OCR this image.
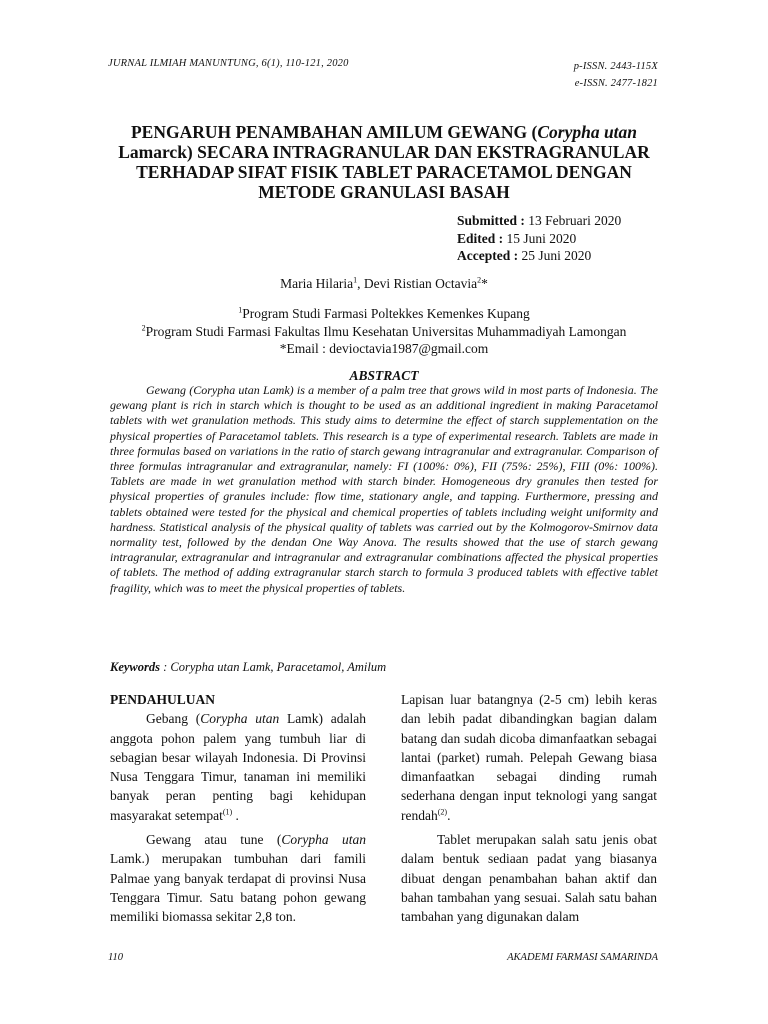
JURNAL ILMIAH MANUNTUNG, 6(1), 110-121, 2020	p-ISSN. 2443-115X
e-ISSN. 2477-1821
PENGARUH PENAMBAHAN AMILUM GEWANG (Corypha utan Lamarck) SECARA INTRAGRANULAR DAN EKSTRAGRANULAR TERHADAP SIFAT FISIK TABLET PARACETAMOL DENGAN METODE GRANULASI BASAH
Submitted : 13 Februari 2020
Edited : 15 Juni 2020
Accepted : 25 Juni 2020
Maria Hilaria$^1$, Devi Ristian Octavia$^2$*
$^1$Program Studi Farmasi Poltekkes Kemenkes Kupang
$^2$Program Studi Farmasi Fakultas Ilmu Kesehatan Universitas Muhammadiyah Lamongan
*Email : devioctavia1987@gmail.com
ABSTRACT

Gewang (Corypha utan Lamk) is a member of a palm tree that grows wild in most parts of Indonesia. The gewang plant is rich in starch which is thought to be used as an additional ingredient in making Paracetamol tablets with wet granulation methods. This study aims to determine the effect of starch supplementation on the physical properties of Paracetamol tablets. This research is a type of experimental research. Tablets are made in three formulas based on variations in the ratio of starch gewang intragranular and extragranular. Comparison of three formulas intragranular and extragranular, namely: FI (100%: 0%), FII (75%: 25%), FIII (0%: 100%). Tablets are made in wet granulation method with starch binder. Homogeneous dry granules then tested for physical properties of granules include: flow time, stationary angle, and tapping. Furthermore, pressing and tablets obtained were tested for the physical and chemical properties of tablets including weight uniformity and hardness. Statistical analysis of the physical quality of tablets was carried out by the Kolmogorov-Smirnov data normality test, followed by the dendan One Way Anova. The results showed that the use of starch gewang intragranular, extragranular and intragranular and extragranular combinations affected the physical properties of tablets. The method of adding extragranular starch starch to formula 3 produced tablets with effective tablet fragility, which was to meet the physical properties of tablets.

Keywords : Corypha utan Lamk, Paracetamol, Amilum

PENDAHULUAN

Gebang (Corypha utan Lamk) adalah anggota pohon palem yang tumbuh liar di sebagian besar wilayah Indonesia. Di Provinsi Nusa Tenggara Timur, tanaman ini memiliki banyak peran penting bagi kehidupan masyarakat setempat$^{(1)}$ .

Gewang atau tune (Corypha utan Lamk.) merupakan tumbuhan dari famili Palmae yang banyak terdapat di provinsi Nusa Tenggara Timur. Satu batang pohon gewang memiliki biomassa sekitar 2,8 ton.

Lapisan luar batangnya (2-5 cm) lebih keras dan lebih padat dibandingkan bagian dalam batang dan sudah dicoba dimanfaatkan sebagai lantai (parket) rumah. Pelepah Gewang biasa dimanfaatkan sebagai dinding rumah sederhana dengan input teknologi yang sangat rendah$^{(2)}$.

Tablet merupakan salah satu jenis obat dalam bentuk sediaan padat yang biasanya dibuat dengan penambahan bahan aktif dan bahan tambahan yang sesuai. Salah satu bahan tambahan yang digunakan dalam

110	AKADEMI FARMASI SAMARINDA
